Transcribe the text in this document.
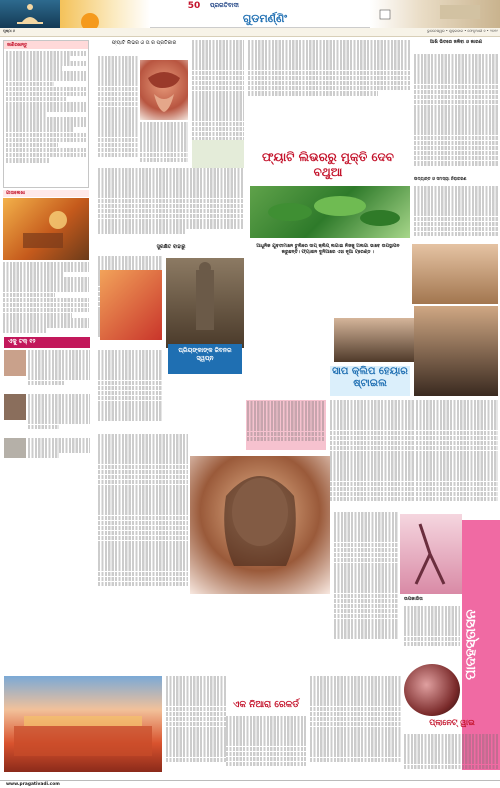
50	ପ୍ରଗତିବାଦୀ
ଗୁଡମର୍ଣ୍ଣିଂ
ପୃଷ୍ଠା ୬	ଭୁବନେଶ୍ୱର • ଶୁକ୍ରବାର • ଫେବୃଆରୀ ୭ • ୨୦୧୯
ଜାଣିରଖନ୍ତୁ
ଗୀତାଲେଖା
ଏକୁ ଟକ୍ ୧୨
ଫ୍ୟାଟି ଲିଭର ଓ ତା ର ପ୍ରତିକାର
ଫ୍ୟାଟି ଲିଭରରୁ ମୁକ୍ତି ଦେବ ବଥୁଆ
ଆଖି ଭିତରେ ଜଳିବା ଓ କାରଣ
ଉଦ୍ୟାନ୍ତ ଓ ସମସ୍ୟା ନିରାକରଣ
ସୁରକ୍ଷିତ ବାହାରୁ	ଆଧୁନିକ ଯୁବତୀମାନେ ଚୁଲିରେ ସାପ୍ କ୍ଲିପ୍ ଲଗାଇ ନିଜକୁ ଅଲଗା ଭାବେ ଉପସ୍ଥାପନ କରୁଛନ୍ତି। ଫ୍ୟାଶନ ଦୁନିଆରେ ଏହା ନୂଆ ଟ୍ରେଣ୍ଡ ।
ସାପ କ୍ଲିପ ହେୟାର ଷ୍ଟାଇଲ
ପ୍ରିୟଙ୍କାଙ୍କ ଜିବନର ସ୍ୱପ୍ନ
ପାଦହସ୍ତାସନ
ଉପକାରିତା
ଏକ ନିଆରା ରେକର୍ଡ
ପ୍ଲାନେଟ୍ ୱାଇ
www.pragativadi.com
